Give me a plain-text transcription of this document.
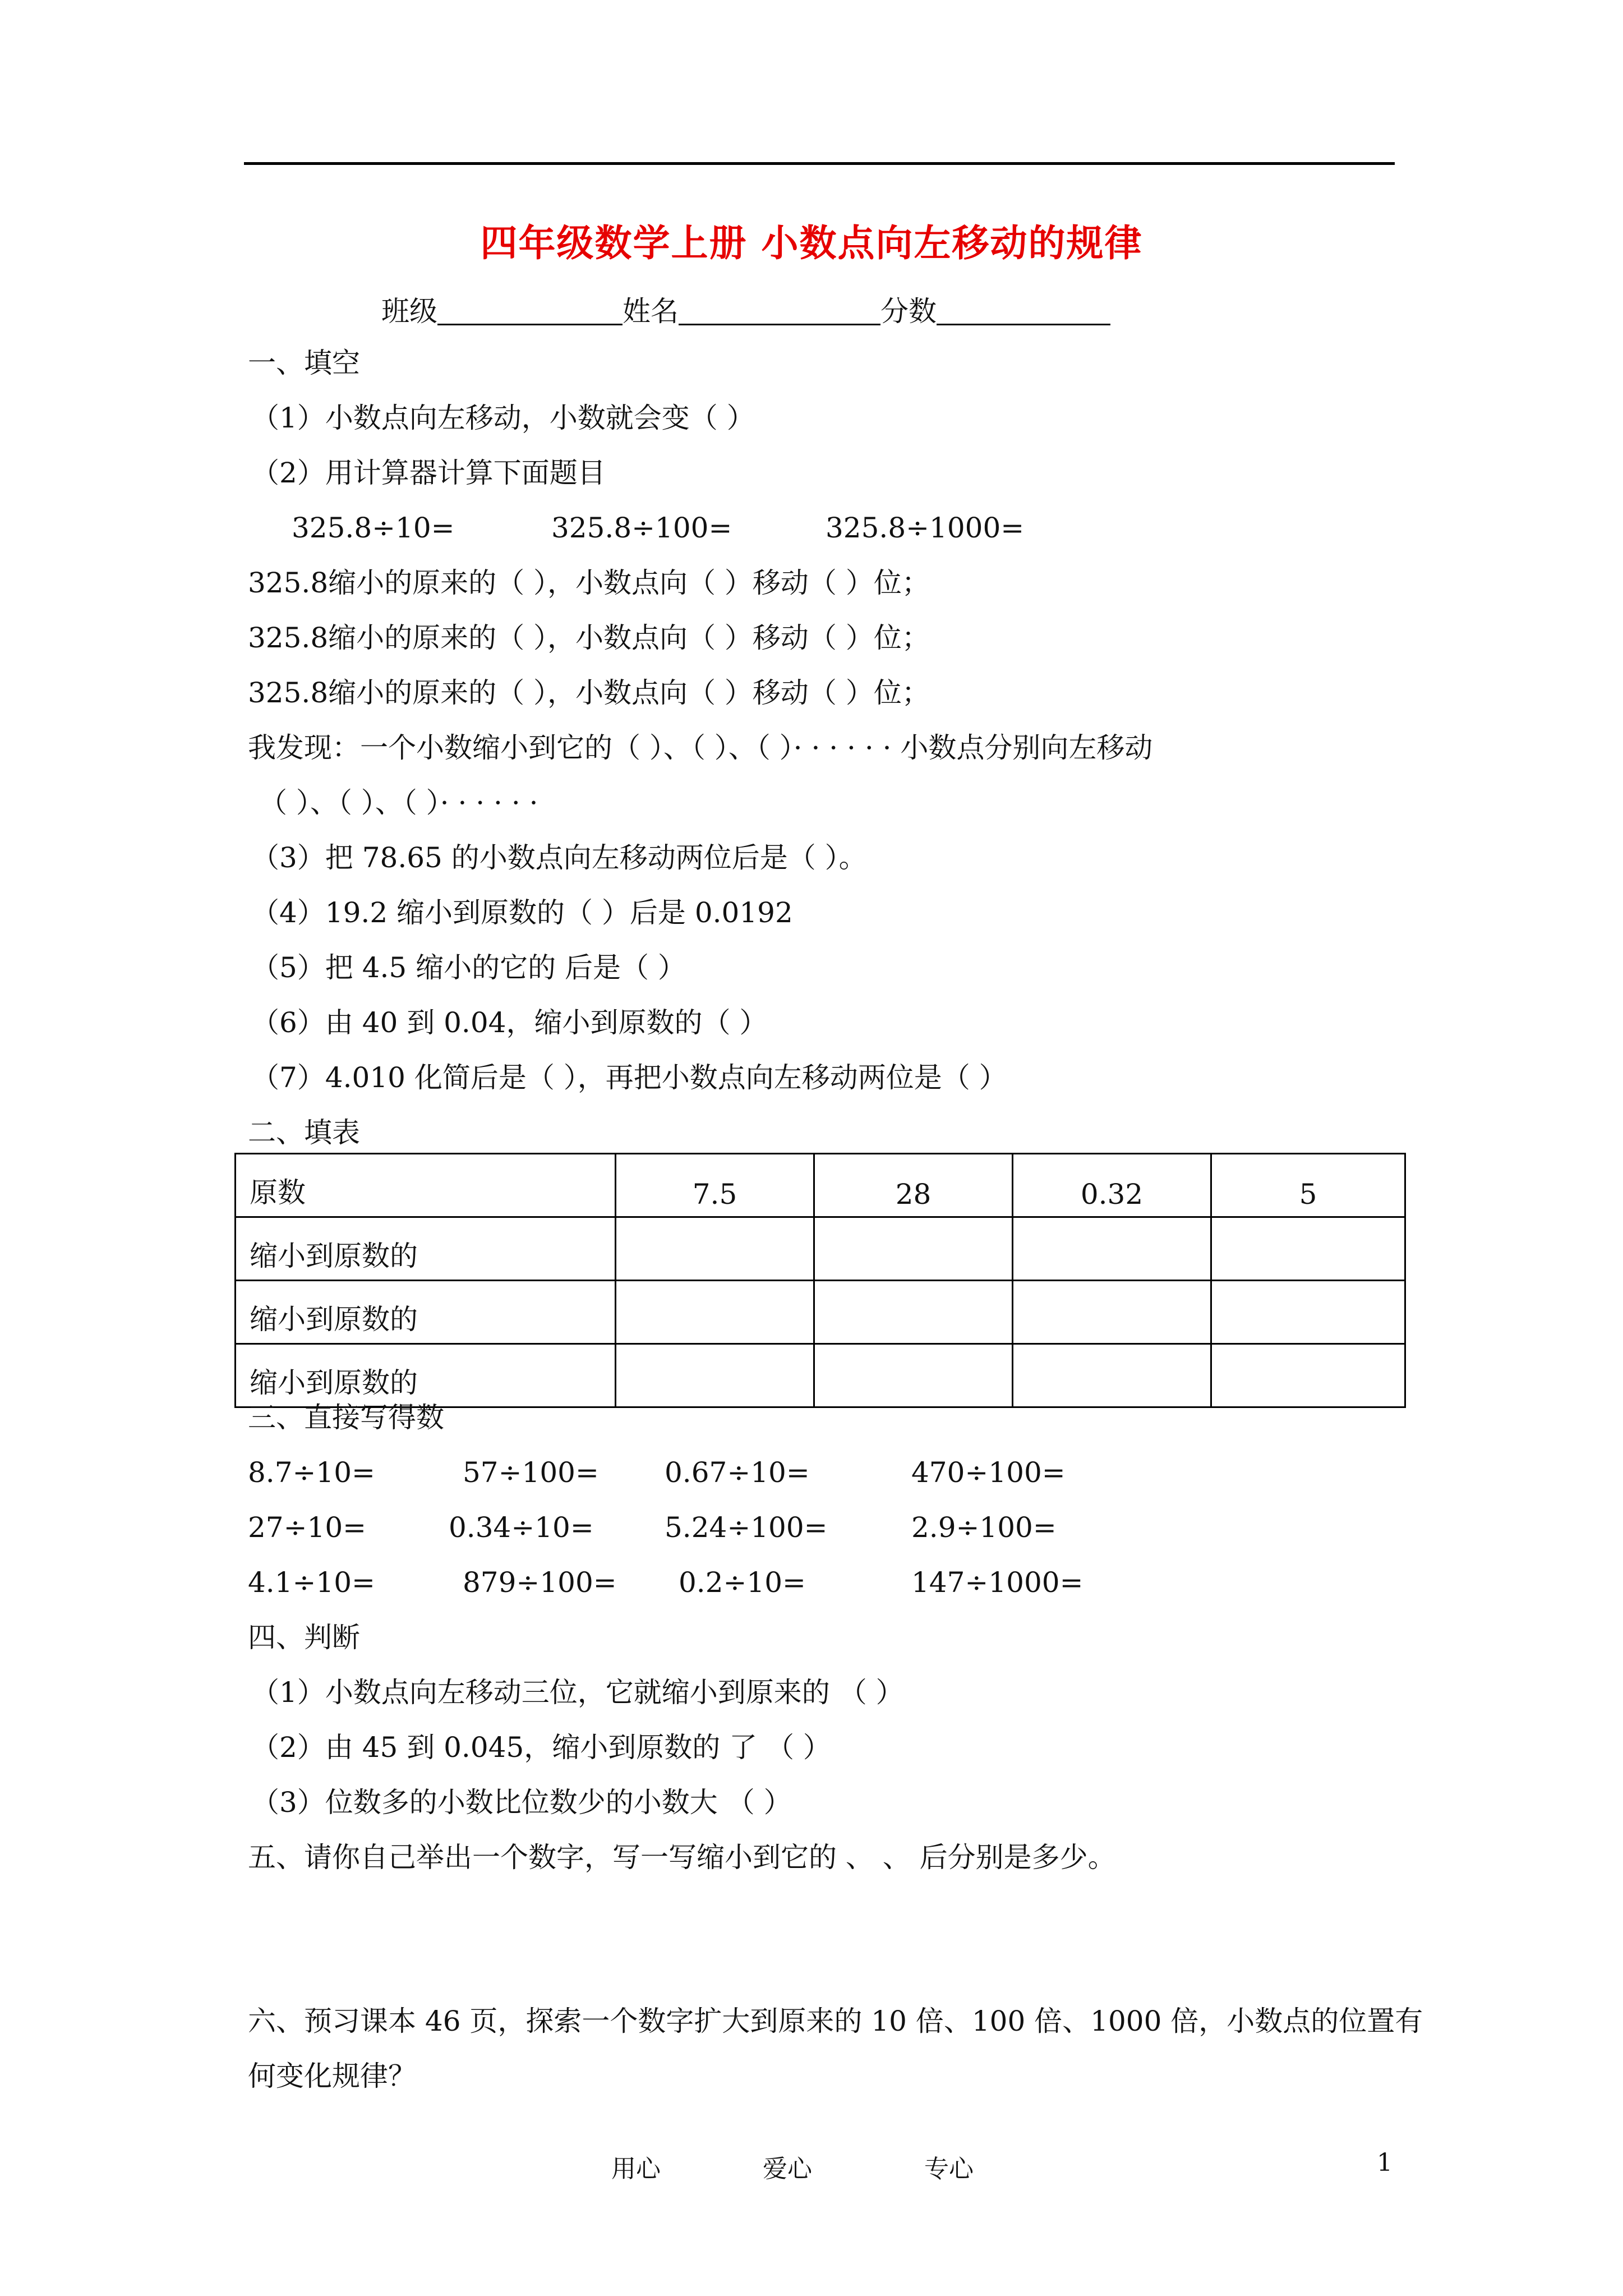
四年级数学上册 小数点向左移动的规律
班级	姓名	分数
一、填空
（1）小数点向左移动，小数就会变（ ）
（2）用计算器计算下面题目
325.8÷10=	325.8÷100=	325.8÷1000=
325.8缩小的原来的（ ），小数点向（ ）移动（ ）位；
325.8缩小的原来的（ ），小数点向（ ）移动（ ）位；
325.8缩小的原来的（ ），小数点向（ ）移动（ ）位；
我发现：一个小数缩小到它的（ ）、（ ）、（ ）· · · · · · 小数点分别向左移动
（ ）、（ ）、（ ）· · · · · ·
（3）把 78.65 的小数点向左移动两位后是（ ）。
（4）19.2 缩小到原数的（ ）后是 0.0192
（5）把 4.5 缩小的它的 后是（ ）
（6）由 40 到 0.04，缩小到原数的（ ）
（7）4.010 化简后是（ ），再把小数点向左移动两位是（ ）
二、填表
原数	7.5	28	0.32	5
缩小到原数的				
缩小到原数的				
缩小到原数的				
三、直接写得数
8.7÷10=	57÷100= 0.67÷10=	470÷100=
27÷10=	0.34÷10=	5.24÷100=	2.9÷100=
4.1÷10=	879÷100= 0.2÷10=	147÷1000=
四、判断
（1）小数点向左移动三位，它就缩小到原来的 （ ）
（2）由 45 到 0.045，缩小到原数的 了 （ ）
（3）位数多的小数比位数少的小数大 （ ）
五、请你自己举出一个数字，写一写缩小到它的 、 、 后分别是多少。
六、预习课本 46 页，探索一个数字扩大到原来的 10 倍、100 倍、1000 倍，小数点的位置有
何变化规律？
用心	爱心	专心	1
